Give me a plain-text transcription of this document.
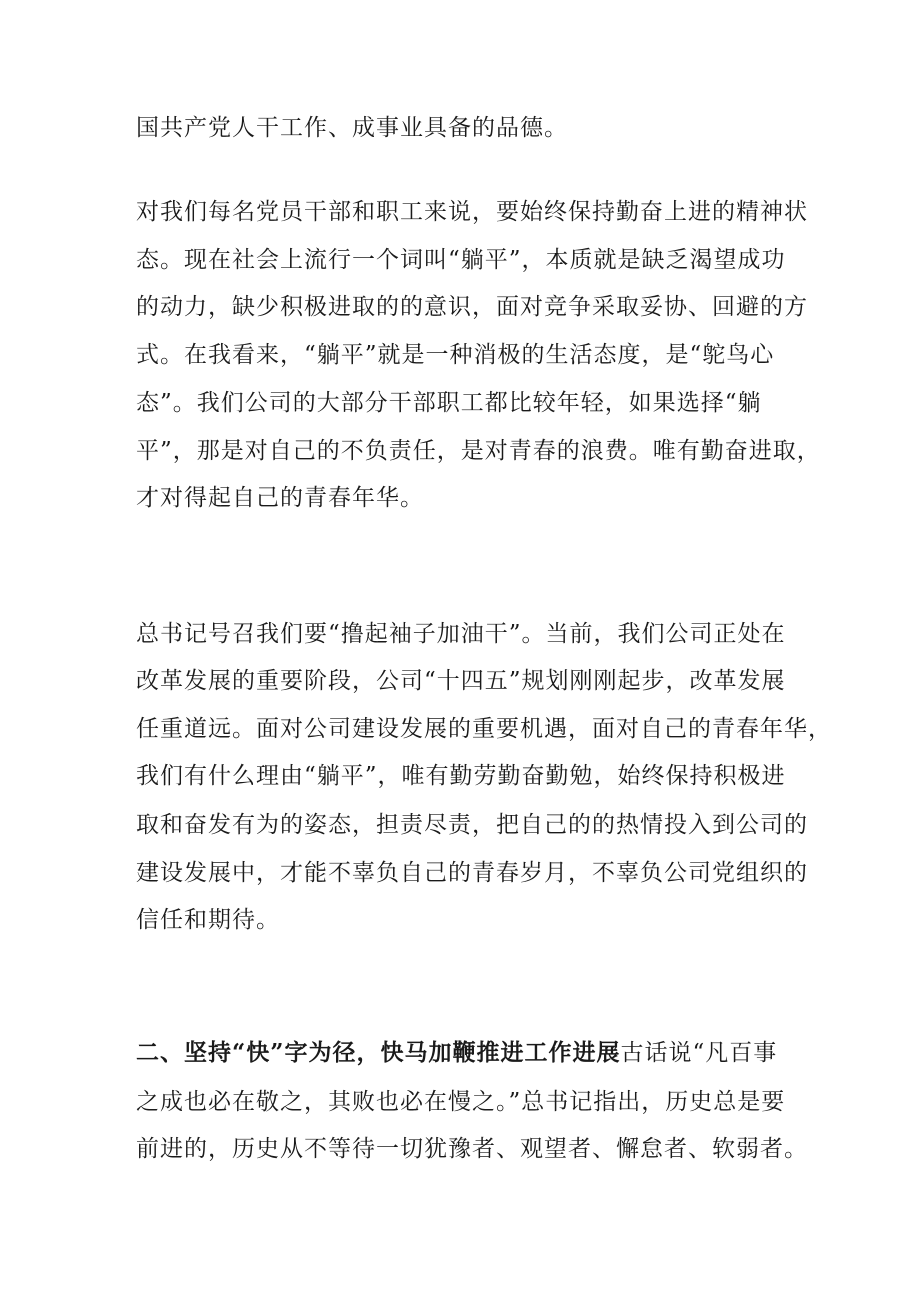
国共产党人干工作、成事业具备的品德。
对我们每名党员干部和职工来说，要始终保持勤奋上进的精神状
态。现在社会上流行一个词叫“躺平”，本质就是缺乏渴望成功
的动力，缺少积极进取的的意识，面对竞争采取妥协、回避的方
式。在我看来，“躺平”就是一种消极的生活态度，是“鸵鸟心
态”。我们公司的大部分干部职工都比较年轻，如果选择“躺
平”，那是对自己的不负责任，是对青春的浪费。唯有勤奋进取，
才对得起自己的青春年华。
总书记号召我们要“撸起袖子加油干”。当前，我们公司正处在
改革发展的重要阶段，公司“十四五”规划刚刚起步，改革发展
任重道远。面对公司建设发展的重要机遇，面对自己的青春年华，
我们有什么理由“躺平”，唯有勤劳勤奋勤勉，始终保持积极进
取和奋发有为的姿态，担责尽责，把自己的的热情投入到公司的
建设发展中，才能不辜负自己的青春岁月，不辜负公司党组织的
信任和期待。
二、坚持“快”字为径，快马加鞭推进工作进展古话说“凡百事
之成也必在敬之，其败也必在慢之。”总书记指出，历史总是要
前进的，历史从不等待一切犹豫者、观望者、懈怠者、软弱者。
